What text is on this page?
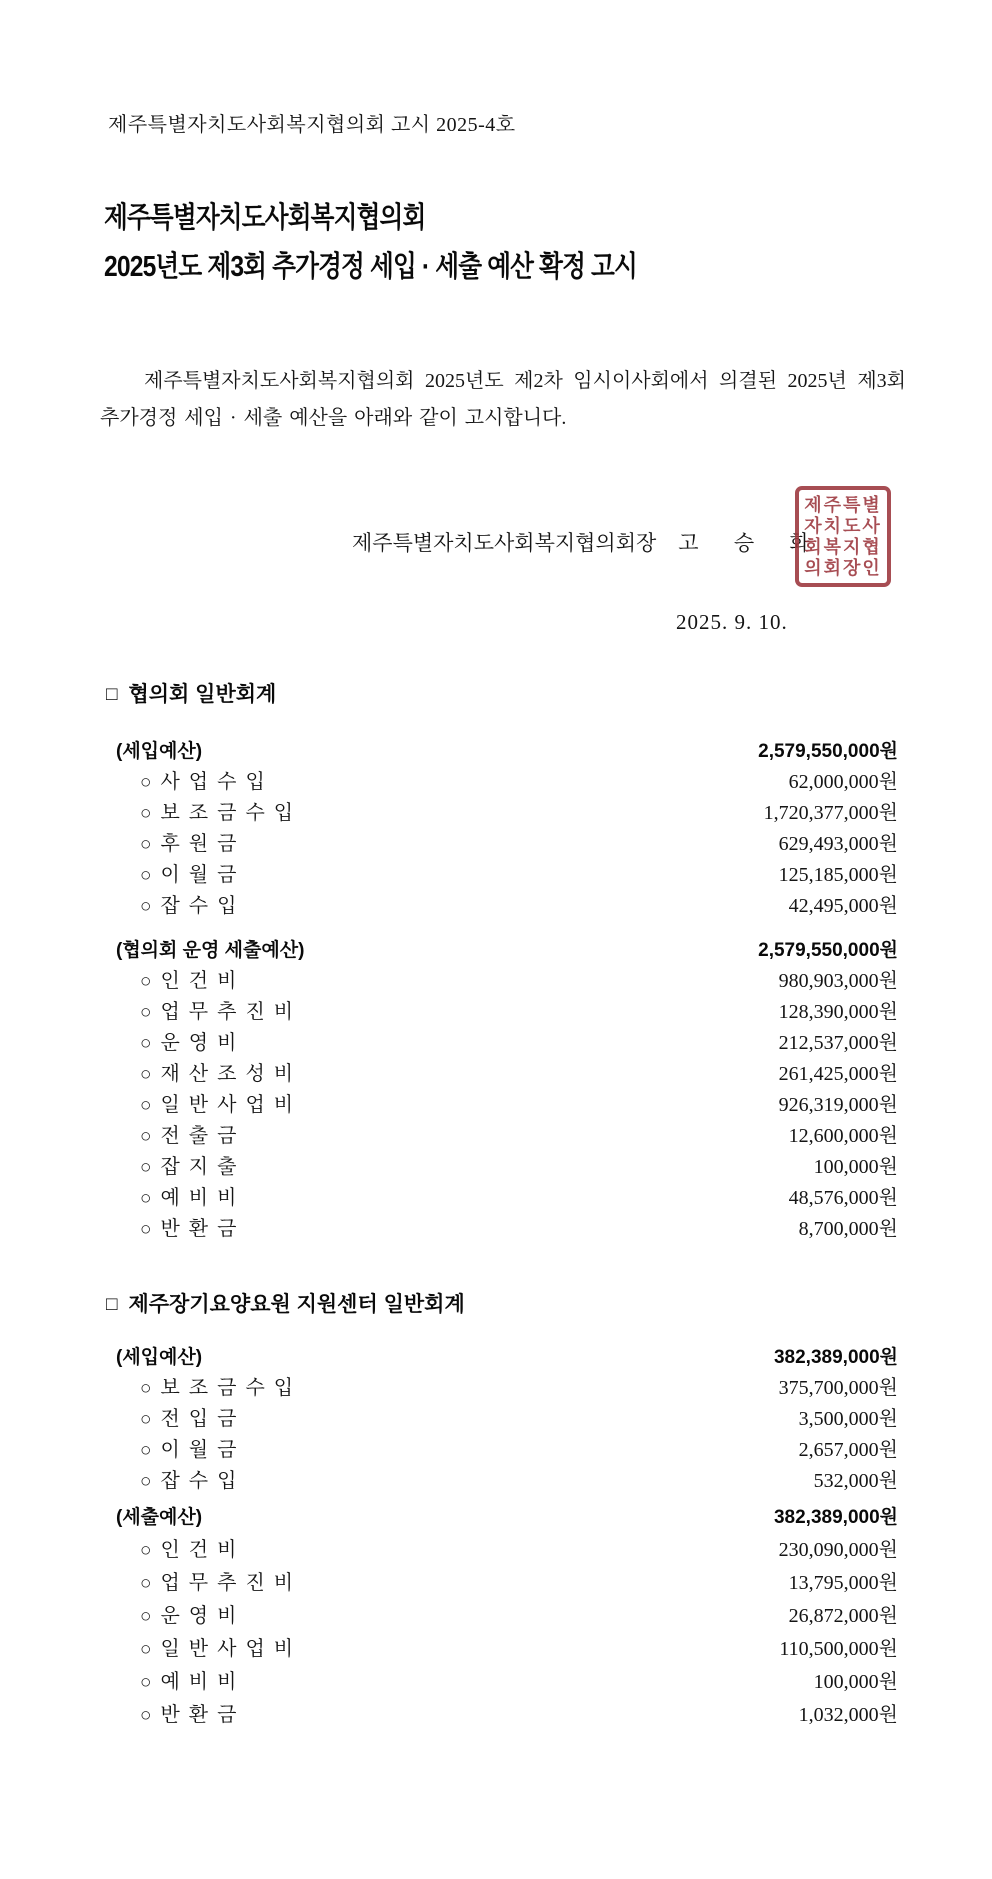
제주특별자치도사회복지협의회 고시 2025-4호
제주특별자치도사회복지협의회
2025년도 제3회 추가경정 세입 · 세출 예산 확정 고시

제주특별자치도사회복지협의회 2025년도 제2차 임시이사회에서 의결된 2025년 제3회 추가경정 세입 · 세출 예산을 아래와 같이 고시합니다.

제주특별자치도사회복지협의회장 고 승 화
제주특별
자치도사
회복지협
의회장인
2025. 9. 10.
□ 협의회 일반회계
(세입예산)	2,579,550,000원
○ 사 업 수 입	62,000,000원
○ 보 조 금 수 입	1,720,377,000원
○ 후 원 금	629,493,000원
○ 이 월 금	125,185,000원
○ 잡 수 입	42,495,000원
(협의회 운영 세출예산)	2,579,550,000원
○ 인 건 비	980,903,000원
○ 업 무 추 진 비	128,390,000원
○ 운 영 비	212,537,000원
○ 재 산 조 성 비	261,425,000원
○ 일 반 사 업 비	926,319,000원
○ 전 출 금	12,600,000원
○ 잡 지 출	100,000원
○ 예 비 비	48,576,000원
○ 반 환 금	8,700,000원
□ 제주장기요양요원 지원센터 일반회계
(세입예산)	382,389,000원
○ 보 조 금 수 입	375,700,000원
○ 전 입 금	3,500,000원
○ 이 월 금	2,657,000원
○ 잡 수 입	532,000원
(세출예산)	382,389,000원
○ 인 건 비	230,090,000원
○ 업 무 추 진 비	13,795,000원
○ 운 영 비	26,872,000원
○ 일 반 사 업 비	110,500,000원
○ 예 비 비	100,000원
○ 반 환 금	1,032,000원
